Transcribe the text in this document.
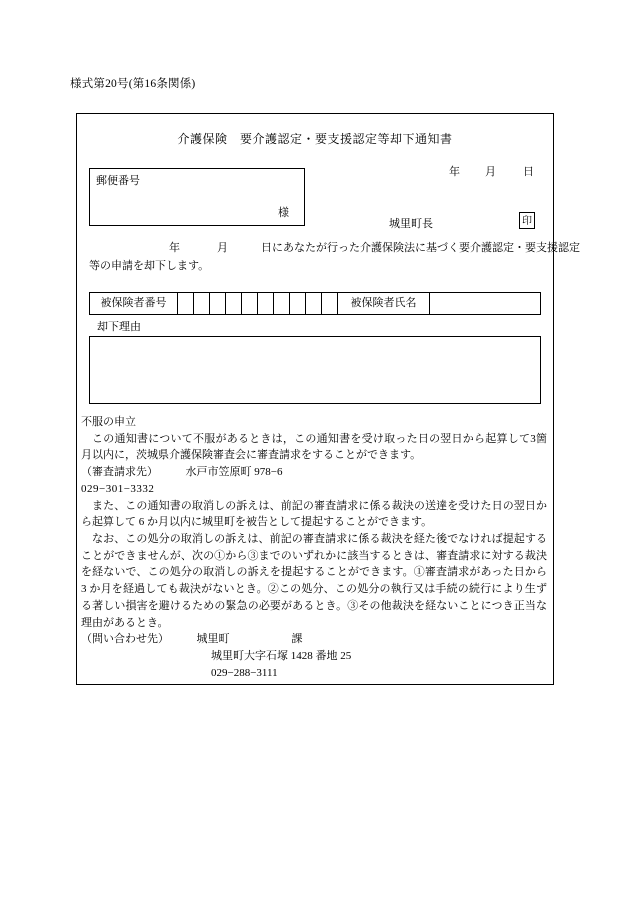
様式第20号(第16条関係)
介護保険　要介護認定・要支援認定等却下通知書
郵便番号
様
年 月 日
城里町長	印
年	月	日にあなたが行った介護保険法に基づく要介護認定・要支援認定
等の申請を却下します。
被保険者番号											被保険者氏名	
却下理由

不服の申立

この通知書について不服があるときは，この通知書を受け取った日の翌日から起算して3箇月以内に，茨城県介護保険審査会に審査請求をすることができます。

（審査請求先）　　　	水戸市笠原町 978−6

029−301−3332

また、この通知書の取消しの訴えは、前記の審査請求に係る裁決の送達を受けた日の翌日から起算して 6 か月以内に城里町を被告として提起することができます。

なお、この処分の取消しの訴えは、前記の審査請求に係る裁決を経た後でなければ提起することができませんが、次の①から③までのいずれかに該当するときは、審査請求に対する裁決を経ないで、この処分の取消しの訴えを提起することができます。①審査請求があった日から 3 か月を経過しても裁決がないとき。②この処分、この処分の執行又は手続の続行により生ずる著しい損害を避けるための緊急の必要があるとき。③その他裁決を経ないことにつき正当な理由があるとき。

（問い合わせ先）　　　	城里町	課

城里町大字石塚 1428 番地 25

029−288−3111
